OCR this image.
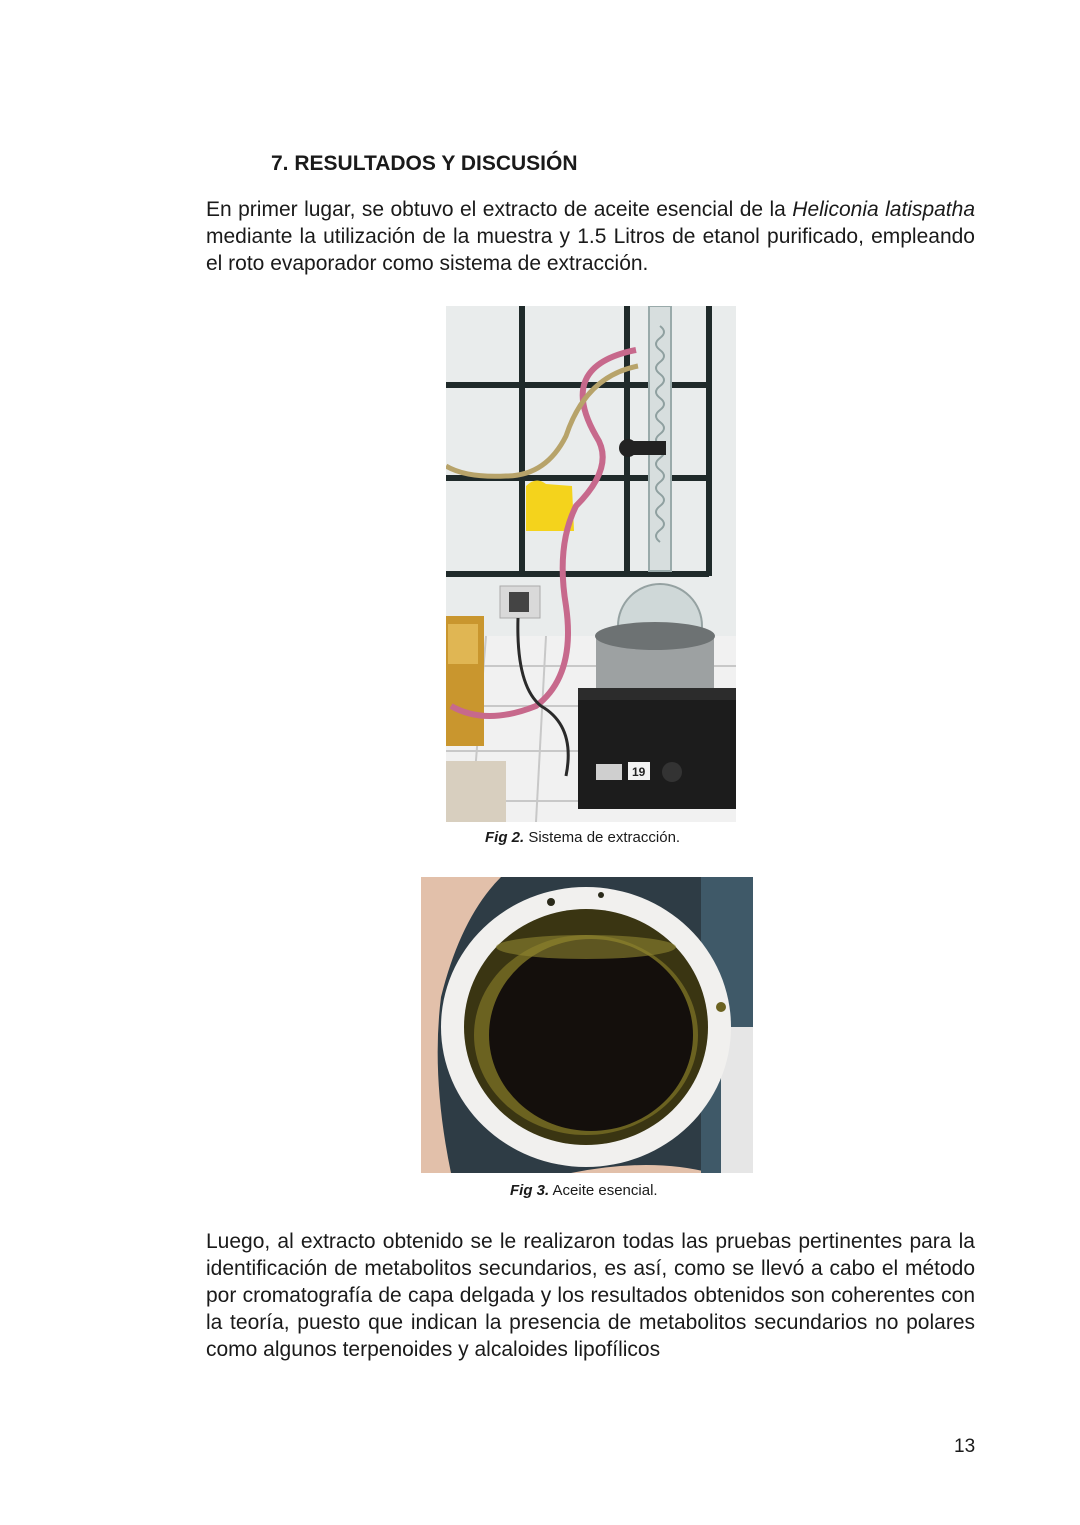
7. RESULTADOS Y DISCUSIÓN
En primer lugar, se obtuvo el extracto de aceite esencial de la Heliconia latispatha mediante la utilización de la muestra y 1.5 Litros de etanol purificado, empleando el roto evaporador como sistema de extracción.
19
Fig 2. Sistema de extracción.
Fig 3. Aceite esencial.
Luego, al extracto obtenido se le realizaron todas las pruebas pertinentes para la identificación de metabolitos secundarios, es así, como se llevó a cabo el método por cromatografía de capa delgada y los resultados obtenidos son coherentes con la teoría, puesto que indican la presencia de metabolitos secundarios no polares como algunos terpenoides y alcaloides lipofílicos
13
